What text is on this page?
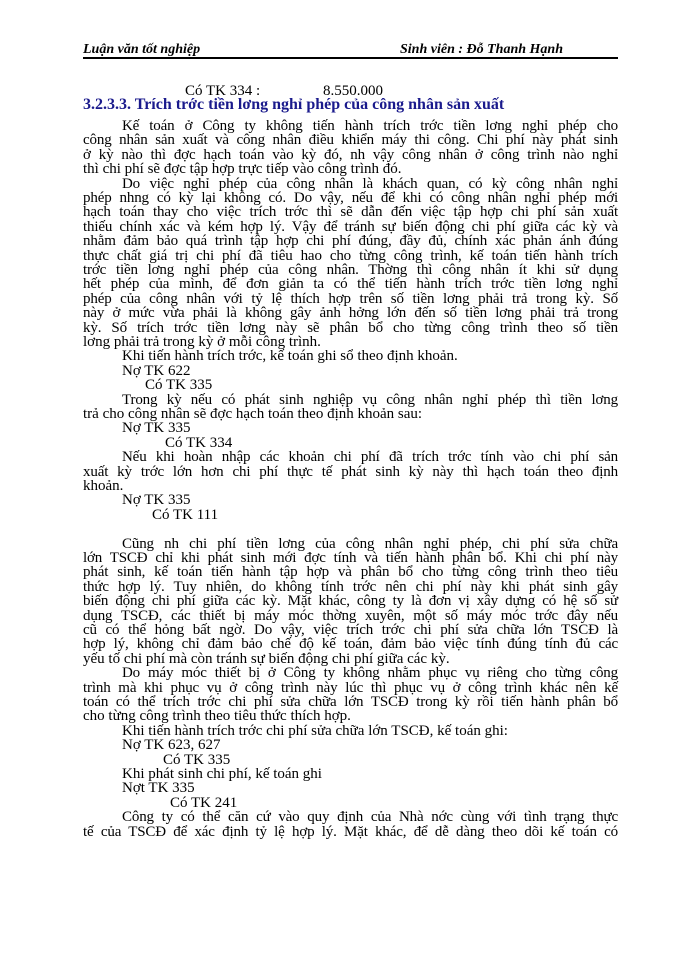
Luận văn tốt nghiệp	Sinh viên : Đỗ Thanh Hạnh
Có TK 334 :	8.550.000
3.2.3.3. Trích trớc tiền lơng nghỉ phép của công nhân sản xuất
Kế toán ở Công ty không tiến hành trích trớc tiền lơng nghỉ phép cho
công nhân sản xuất và công nhân điều khiển máy thi công. Chi phí này phát sinh
ở kỳ nào thì đợc hạch toán vào kỳ đó, nh vậy công nhân ở công trình nào nghỉ
thì chi phí sẽ đợc tập hợp trực tiếp vào công trình đó.
Do việc nghỉ phép của công nhân là khách quan, có kỳ công nhân nghỉ
phép nhng có kỳ lại không có. Do vậy, nếu để khi có công nhân nghỉ phép mới
hạch toán thay cho việc trích trớc thì sẽ dẫn đến việc tập hợp chi phí sản xuất
thiếu chính xác và kém hợp lý. Vậy để tránh sự biến động chi phí giữa các kỳ và
nhằm đảm bảo quá trình tập hợp chi phí đúng, đầy đủ, chính xác phản ánh đúng
thực chất giá trị chi phí đã tiêu hao cho từng công trình, kế toán tiến hành trích
trớc tiền lơng nghỉ phép của công nhân. Thờng thì công nhân ít khi sử dụng
hết phép của mình, để đơn giản ta có thể tiến hành trích trớc tiền lơng nghỉ
phép của công nhân với tỷ lệ thích hợp trên số tiền lơng phải trả trong kỳ. Số
này ở mức vừa phải là không gây ảnh hởng lớn đến số tiền lơng phải trả trong
kỳ. Số trích trớc tiền lơng này sẽ phân bổ cho từng công trình theo số tiền
lơng phải trả trong kỳ ở mỗi công trình.
Khi tiến hành trích trớc, kế toán ghi sổ theo định khoản.
Nợ TK 622
Có TK 335
Trong kỳ nếu có phát sinh nghiệp vụ công nhân nghỉ phép thì tiền lơng
trả cho công nhân sẽ đợc hạch toán theo định khoản sau:
Nợ TK 335
Có TK 334
Nếu khi hoàn nhập các khoản chi phí đã trích trớc tính vào chi phí sản
xuất kỳ trớc lớn hơn chi phí thực tế phát sinh kỳ này thì hạch toán theo định
khoản.
Nợ TK 335
Có TK 111
Cũng nh chi phí tiền lơng của công nhân nghỉ phép, chi phí sửa chữa
lớn TSCĐ chỉ khi phát sinh mới đợc tính và tiến hành phân bổ. Khi chi phí này
phát sinh, kế toán tiến hành tập hợp và phân bổ cho từng công trình theo tiêu
thức hợp lý. Tuy nhiên, do không tính trớc nên chi phí này khi phát sinh gây
biến động chi phí giữa các kỳ. Mặt khác, công ty là đơn vị xây dựng có hệ số sử
dụng TSCĐ, các thiết bị máy móc thờng xuyên, một số máy móc trớc đây nếu
cũ có thể hỏng bất ngờ. Do vậy, việc trích trớc chi phí sửa chữa lớn TSCĐ là
hợp lý, không chỉ đảm bảo chế độ kế toán, đảm bảo việc tính đúng tính đủ các
yếu tố chi phí mà còn tránh sự biến động chi phí giữa các kỳ.
Do máy móc thiết bị ở Công ty không nhằm phục vụ riêng cho từng công
trình mà khi phục vụ ở công trình này lúc thì phục vụ ở công trình khác nên kế
toán có thể trích trớc chi phí sửa chữa lớn TSCĐ trong kỳ rồi tiến hành phân bổ
cho từng công trình theo tiêu thức thích hợp.
Khi tiến hành trích trớc chi phí sửa chữa lớn TSCĐ, kế toán ghi:
Nợ TK 623, 627
Có TK 335
Khi phát sinh chi phí, kế toán ghi
Nợt TK 335
Có TK 241
Công ty có thể căn cứ vào quy định của Nhà nớc cùng với tình trạng thực
tế của TSCĐ để xác định tỷ lệ hợp lý. Mặt khác, để dễ dàng theo dõi kế toán có
